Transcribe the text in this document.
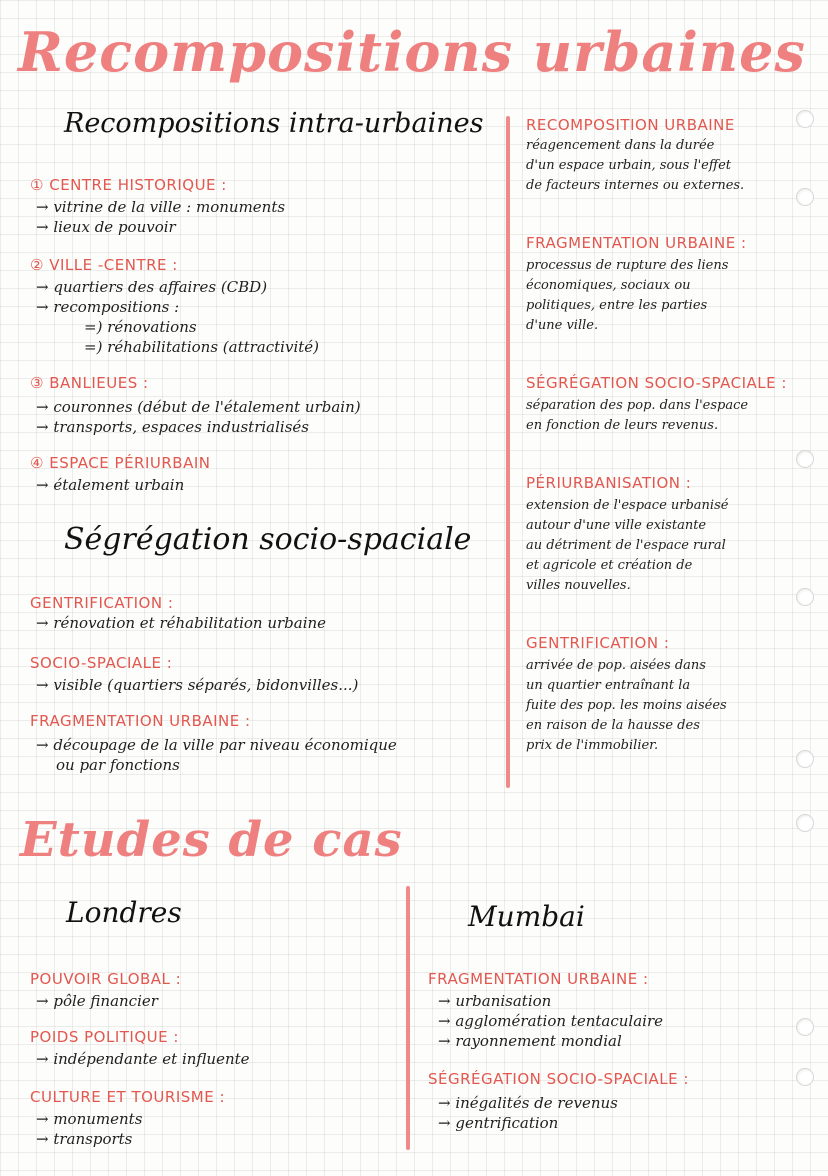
Recompositions urbaines
Recompositions intra-urbaines
① CENTRE HISTORIQUE :
→ vitrine de la ville : monuments
→ lieux de pouvoir
② VILLE -CENTRE :
→ quartiers des affaires (CBD)
→ recompositions :
=) rénovations
=) réhabilitations (attractivité)
③ BANLIEUES :
→ couronnes (début de l'étalement urbain)
→ transports, espaces industrialisés
④ ESPACE PÉRIURBAIN
→ étalement urbain
Ségrégation socio-spaciale
GENTRIFICATION :
→ rénovation et réhabilitation urbaine
SOCIO-SPACIALE :
→ visible (quartiers séparés, bidonvilles...)
FRAGMENTATION URBAINE :
→ découpage de la ville par niveau économique
ou par fonctions
RECOMPOSITION URBAINE
réagencement dans la durée
d'un espace urbain, sous l'effet
de facteurs internes ou externes.
FRAGMENTATION URBAINE :
processus de rupture des liens
économiques, sociaux ou
politiques, entre les parties
d'une ville.
SÉGRÉGATION SOCIO-SPACIALE :
séparation des pop. dans l'espace
en fonction de leurs revenus.
PÉRIURBANISATION :
extension de l'espace urbanisé
autour d'une ville existante
au détriment de l'espace rural
et agricole et création de
villes nouvelles.
GENTRIFICATION :
arrivée de pop. aisées dans
un quartier entraînant la
fuite des pop. les moins aisées
en raison de la hausse des
prix de l'immobilier.
Etudes de cas
Londres
POUVOIR GLOBAL :
→ pôle financier
POIDS POLITIQUE :
→ indépendante et influente
CULTURE ET TOURISME :
→ monuments
→ transports
Mumbai
FRAGMENTATION URBAINE :
→ urbanisation
→ agglomération tentaculaire
→ rayonnement mondial
SÉGRÉGATION SOCIO-SPACIALE :
→ inégalités de revenus
→ gentrification
